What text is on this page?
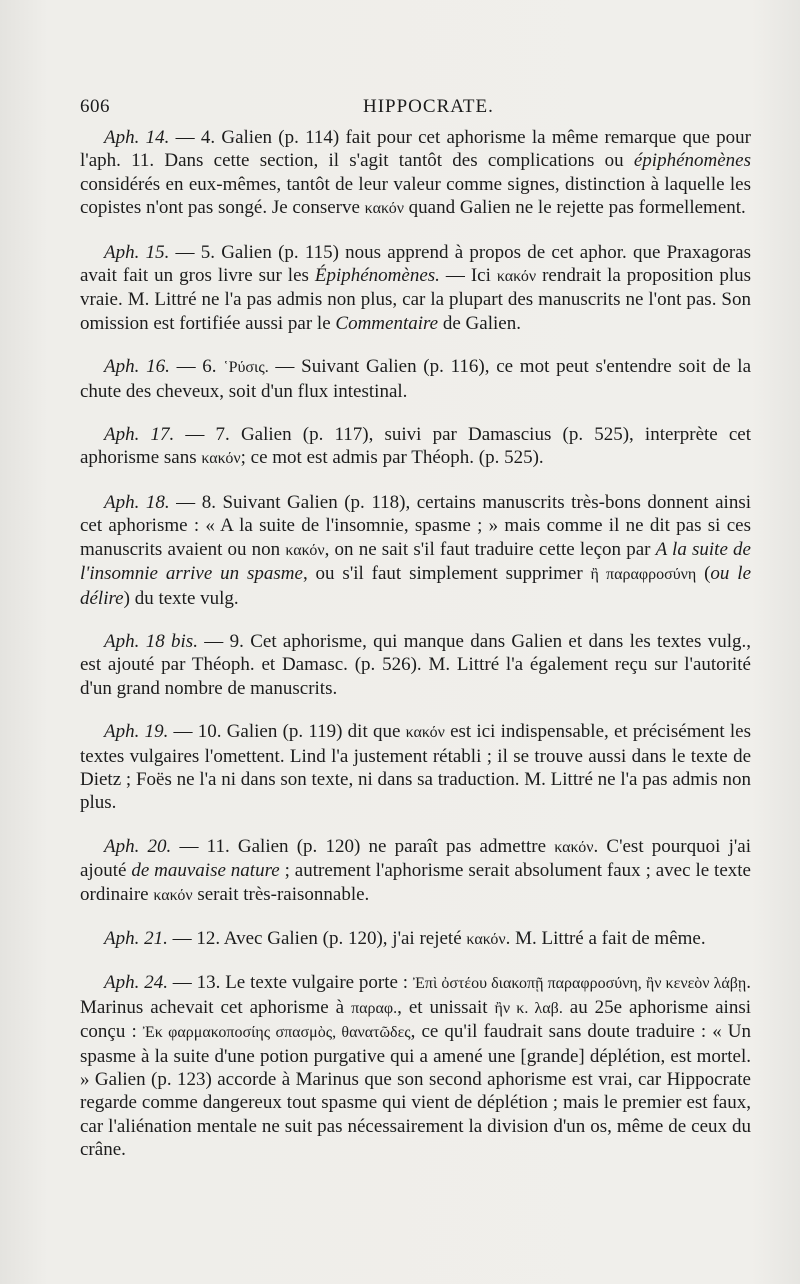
606	HIPPOCRATE.

Aph. 14. — 4. Galien (p. 114) fait pour cet aphorisme la même remarque que pour l'aph. 11. Dans cette section, il s'agit tantôt des complications ou épiphénomènes considérés en eux-mêmes, tantôt de leur valeur comme signes, distinction à laquelle les copistes n'ont pas songé. Je conserve κακόν quand Galien ne le rejette pas formellement.

Aph. 15. — 5. Galien (p. 115) nous apprend à propos de cet aphor. que Praxagoras avait fait un gros livre sur les Épiphénomènes. — Ici κακόν rendrait la proposition plus vraie. M. Littré ne l'a pas admis non plus, car la plupart des manuscrits ne l'ont pas. Son omission est fortifiée aussi par le Commentaire de Galien.

Aph. 16. — 6. ῾Ρύσις. — Suivant Galien (p. 116), ce mot peut s'entendre soit de la chute des cheveux, soit d'un flux intestinal.

Aph. 17. — 7. Galien (p. 117), suivi par Damascius (p. 525), interprète cet aphorisme sans κακόν; ce mot est admis par Théoph. (p. 525).

Aph. 18. — 8. Suivant Galien (p. 118), certains manuscrits très-bons donnent ainsi cet aphorisme : « A la suite de l'insomnie, spasme ; » mais comme il ne dit pas si ces manuscrits avaient ou non κακόν, on ne sait s'il faut traduire cette leçon par A la suite de l'insomnie arrive un spasme, ou s'il faut simplement supprimer ἢ παραφροσύνη (ou le délire) du texte vulg.

Aph. 18 bis. — 9. Cet aphorisme, qui manque dans Galien et dans les textes vulg., est ajouté par Théoph. et Damasc. (p. 526). M. Littré l'a également reçu sur l'autorité d'un grand nombre de manuscrits.

Aph. 19. — 10. Galien (p. 119) dit que κακόν est ici indispensable, et précisément les textes vulgaires l'omettent. Lind l'a justement rétabli ; il se trouve aussi dans le texte de Dietz ; Foës ne l'a ni dans son texte, ni dans sa traduction. M. Littré ne l'a pas admis non plus.

Aph. 20. — 11. Galien (p. 120) ne paraît pas admettre κακόν. C'est pourquoi j'ai ajouté de mauvaise nature ; autrement l'aphorisme serait absolument faux ; avec le texte ordinaire κακόν serait très-raisonnable.

Aph. 21. — 12. Avec Galien (p. 120), j'ai rejeté κακόν. M. Littré a fait de même.

Aph. 24. — 13. Le texte vulgaire porte : Ἐπὶ ὀστέου διακοπῇ παραφροσύνη, ἢν κενεὸν λάβῃ. Marinus achevait cet aphorisme à παραφ., et unissait ἢν κ. λαβ. au 25e aphorisme ainsi conçu : Ἐκ φαρμακοποσίης σπασμὸς, θανατῶδες, ce qu'il faudrait sans doute traduire : « Un spasme à la suite d'une potion purgative qui a amené une [grande] déplétion, est mortel. » Galien (p. 123) accorde à Marinus que son second aphorisme est vrai, car Hippocrate regarde comme dangereux tout spasme qui vient de déplétion ; mais le premier est faux, car l'aliénation mentale ne suit pas nécessairement la division d'un os, même de ceux du crâne.
